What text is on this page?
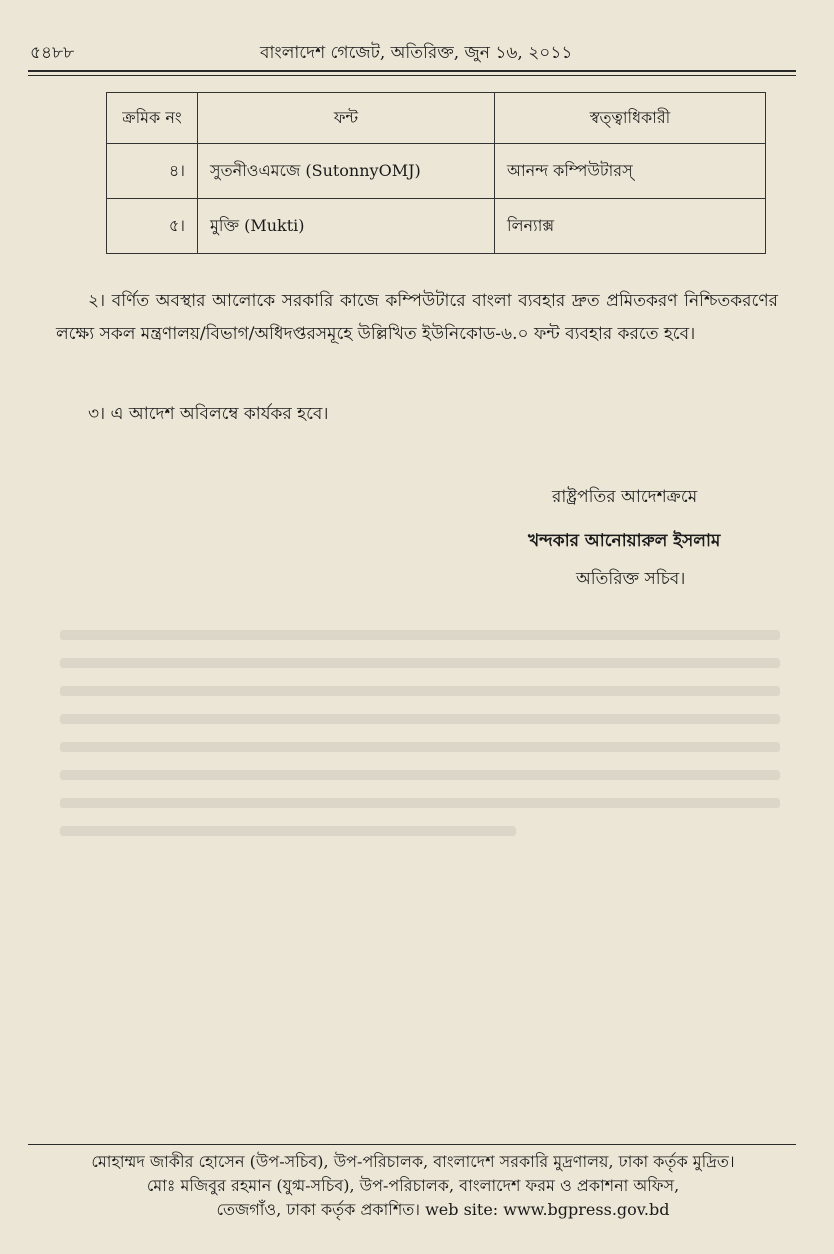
৫৪৮৮	বাংলাদেশ গেজেট, অতিরিক্ত, জুন ১৬, ২০১১
ক্রমিক নং	ফন্ট	স্বত্ত্বাধিকারী
৪।	সুতনীওএমজে (SutonnyOMJ)	আনন্দ কম্পিউটারস্
৫।	মুক্তি (Mukti)	লিন্যাক্স
২। বর্ণিত অবস্থার আলোকে সরকারি কাজে কম্পিউটারে বাংলা ব্যবহার দ্রুত প্রমিতকরণ নিশ্চিতকরণের লক্ষ্যে সকল মন্ত্রণালয়/বিভাগ/অধিদপ্তরসমূহে উল্লিখিত ইউনিকোড-৬.০ ফন্ট ব্যবহার করতে হবে।
৩। এ আদেশ অবিলম্বে কার্যকর হবে।
রাষ্ট্রপতির আদেশক্রমে
খন্দকার আনোয়ারুল ইসলাম
অতিরিক্ত সচিব।
মোহাম্মদ জাকীর হোসেন (উপ-সচিব), উপ-পরিচালক, বাংলাদেশ সরকারি মুদ্রণালয়, ঢাকা কর্তৃক মুদ্রিত।
মোঃ মজিবুর রহমান (যুগ্ম-সচিব), উপ-পরিচালক, বাংলাদেশ ফরম ও প্রকাশনা অফিস,
তেজগাঁও, ঢাকা কর্তৃক প্রকাশিত। web site: www.bgpress.gov.bd
